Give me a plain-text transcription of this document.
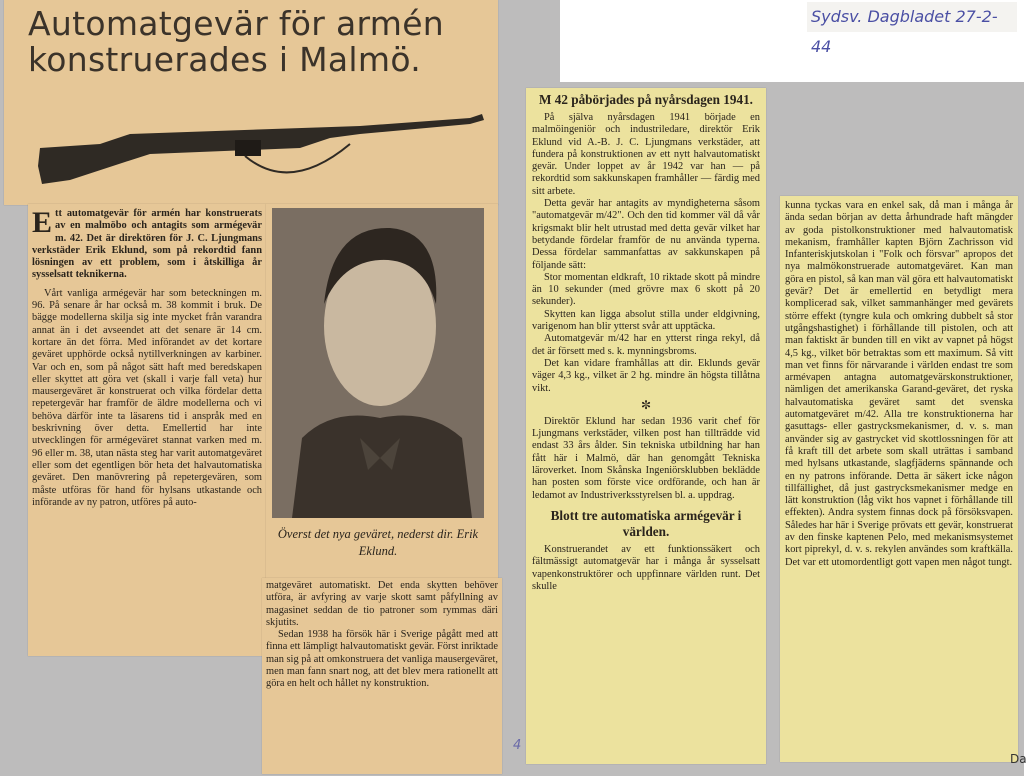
Sydsv. Dagbladet 27-2-44
Automatgevär för armén konstruerades i Malmö.

E tt automatgevär för armén har konstruerats av en malmöbo och antagits som armégevär m. 42. Det är direktören för J. C. Ljungmans verkstäder Erik Eklund, som på rekordtid fann lösningen av ett problem, som i åtskilliga år sysselsatt teknikerna.

Vårt vanliga armégevär har som beteckningen m. 96. På senare år har också m. 38 kommit i bruk. De bägge modellerna skilja sig inte mycket från varandra annat än i det avseendet att det senare är 14 cm. kortare än det förra. Med införandet av det kortare geväret upphörde också nytillverkningen av karbiner. Var och en, som på något sätt haft med beredskapen eller skyttet att göra vet (skall i varje fall veta) hur mausergeväret är konstruerat och vilka fördelar detta repetergevär har framför de äldre modellerna och vi behöva därför inte ta läsarens tid i anspråk med en beskrivning över detta. Emellertid har inte utvecklingen för armégeväret stannat varken med m. 96 eller m. 38, utan nästa steg har varit automatgeväret eller som det egentligen bör heta det halvautomatiska geväret. Den manövrering på repetergevären, som måste utföras för hand för hylsans utkastande och införande av ny patron, utföres på auto-

Överst det nya geväret, nederst dir. Erik Eklund.

matgeväret automatiskt. Det enda skytten behöver utföra, är avfyring av varje skott samt påfyllning av magasinet seddan de tio patroner som rymmas däri skjutits.

Sedan 1938 ha försök här i Sverige pågått med att finna ett lämpligt halvautomatiskt gevär. Först inriktade man sig på att omkonstruera det vanliga mausergeväret, men man fann snart nog, att det blev mera rationellt att göra en helt och hållet ny konstruktion.

M 42 påbörjades på nyårsdagen 1941.

På själva nyårsdagen 1941 började en malmöingeniör och industriledare, direktör Erik Eklund vid A.-B. J. C. Ljungmans verkstäder, att fundera på konstruktionen av ett nytt halvautomatiskt gevär. Under loppet av år 1942 var han — på rekordtid som sakkunskapen framhåller — färdig med sitt arbete.

Detta gevär har antagits av myndigheterna såsom "automatgevär m/42". Och den tid kommer väl då vår krigsmakt blir helt utrustad med detta gevär vilket har betydande fördelar framför de nu använda typerna. Dessa fördelar sammanfattas av sakkunskapen på följande sätt:

Stor momentan eldkraft, 10 riktade skott på mindre än 10 sekunder (med grövre max 6 skott på 20 sekunder).

Skytten kan ligga absolut stilla under eldgivning, varigenom han blir ytterst svår att upptäcka.

Automatgevär m/42 har en ytterst ringa rekyl, då det är försett med s. k. mynningsbroms.

Det kan vidare framhållas att dir. Eklunds gevär väger 4,3 kg., vilket är 2 hg. mindre än högsta tillåtna vikt.

✼

Direktör Eklund har sedan 1936 varit chef för Ljungmans verkstäder, vilken post han tillträdde vid endast 33 års ålder. Sin tekniska utbildning har han fått här i Malmö, där han genomgått Tekniska läroverket. Inom Skånska Ingeniörsklubben beklädde han posten som förste vice ordförande, och han är ledamot av Industriverksstyrelsen bl. a. uppdrag.

Blott tre automatiska armégevär i världen.

Konstruerandet av ett funktionssäkert och fältmässigt automatgevär har i många år sysselsatt vapenkonstruktörer och uppfinnare världen runt. Det skulle

kunna tyckas vara en enkel sak, då man i många år ända sedan början av detta århundrade haft mängder av goda pistolkonstruktioner med halvautomatisk mekanism, framhåller kapten Björn Zachrisson vid Infanteriskjutskolan i "Folk och försvar" apropos det nya malmökonstruerade automatgeväret. Kan man göra en pistol, så kan man väl göra ett halvautomatiskt gevär? Det är emellertid en betydligt mera komplicerad sak, vilket sammanhänger med gevärets större effekt (tyngre kula och omkring dubbelt så stor utgångshastighet) i förhållande till pistolen, och att man faktiskt är bunden till en vikt av vapnet på högst 4,5 kg., vilket bör betraktas som ett maximum. Så vitt man vet finns för närvarande i världen endast tre som armévapen antagna automatgevärskonstruktioner, nämligen det amerikanska Garand-geväret, det ryska halvautomatiska geväret samt det svenska automatgeväret m/42. Alla tre konstruktionerna har gasuttags- eller gastrycksmekanismer, d. v. s. man använder sig av gastrycket vid skottlossningen för att få kraft till det arbete som skall uträttas i samband med hylsans utkastande, slagfjäderns spännande och en ny patrons införande. Detta är säkert icke någon tillfällighet, då just gastrycksmekanismer medge en lätt konstruktion (låg vikt hos vapnet i förhållande till effekten). Andra system finnas dock på försöksvapen. Således har här i Sverige prövats ett gevär, konstruerat av den finske kaptenen Pelo, med mekanismsystemet kort piprekyl, d. v. s. rekylen användes som kraftkälla. Det var ett utomordentligt gott vapen men något tungt.

4
Da
